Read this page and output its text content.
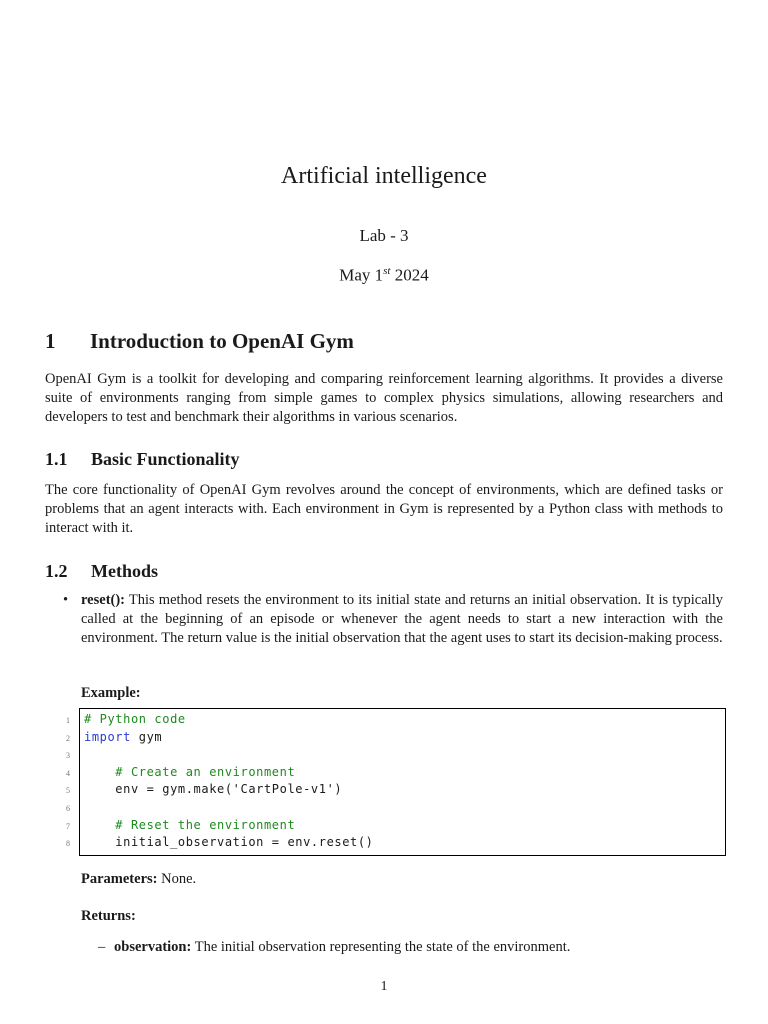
Artificial intelligence
Lab - 3
May 1st 2024
1 Introduction to OpenAI Gym
OpenAI Gym is a toolkit for developing and comparing reinforcement learning algorithms. It provides a diverse suite of environments ranging from simple games to complex physics simulations, allowing researchers and developers to test and benchmark their algorithms in various scenarios.
1.1 Basic Functionality
The core functionality of OpenAI Gym revolves around the concept of environments, which are defined tasks or problems that an agent interacts with. Each environment in Gym is represented by a Python class with methods to interact with it.
1.2 Methods
• reset(): This method resets the environment to its initial state and returns an initial observation. It is typically called at the beginning of an episode or whenever the agent needs to start a new interaction with the environment. The return value is the initial observation that the agent uses to start its decision-making process.
Example:

1

# Python code

2

import gym

3

4

# Create an environment

5

env = gym.make('CartPole-v1')

6

7

# Reset the environment

8

initial_observation = env.reset()

Parameters: None.
Returns:
– observation: The initial observation representing the state of the environment.
1
